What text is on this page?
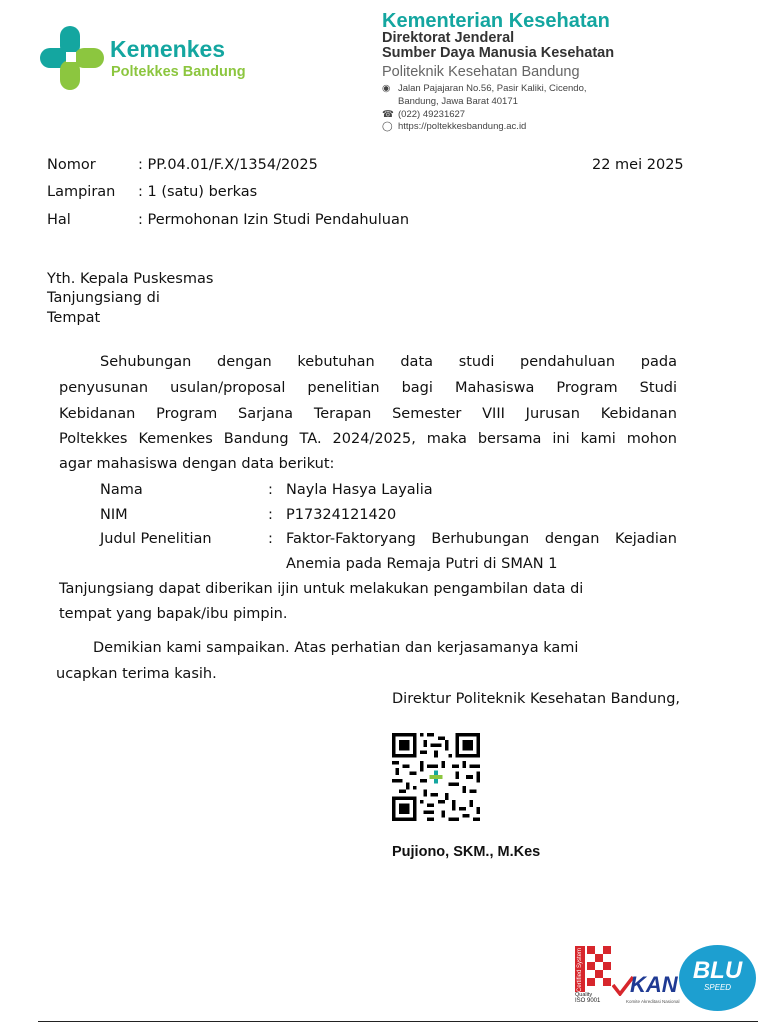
Kemenkes
Poltekkes Bandung
Kementerian Kesehatan
Direktorat Jenderal
Sumber Daya Manusia Kesehatan
Politeknik Kesehatan Bandung
◉ Jalan Pajajaran No.56, Pasir Kaliki, Cicendo,
Bandung, Jawa Barat 40171
☎ (022) 49231627
◯ https://poltekkesbandung.ac.id
Nomor	: PP.04.01/F.X/1354/2025	22 mei 2025
Lampiran : 1 (satu) berkas
Hal	: Permohonan Izin Studi Pendahuluan
Yth. Kepala Puskesmas
Tanjungsiang di
Tempat
Sehubungan dengan kebutuhan data studi pendahuluan pada
penyusunan usulan/proposal penelitian bagi Mahasiswa Program Studi
Kebidanan Program Sarjana Terapan Semester VIII Jurusan Kebidanan
Poltekkes Kemenkes Bandung TA. 2024/2025, maka bersama ini kami mohon
agar mahasiswa dengan data berikut:
Nama	: Nayla Hasya Layalia
NIM	: P17324121420
Judul Penelitian	: Faktor-Faktoryang Berhubungan dengan Kejadian
Anemia pada Remaja Putri di SMAN 1
Tanjungsiang dapat diberikan ijin untuk melakukan pengambilan data di
tempat yang bapak/ibu pimpin.
Demikian kami sampaikan. Atas perhatian dan kerjasamanya kami
ucapkan terima kasih.
Direktur Politeknik Kesehatan Bandung,
Pujiono, SKM., M.Kes
Certified System
Quality
ISO 9001
KAN
Komite Akreditasi Nasional
BLU
SPEED
